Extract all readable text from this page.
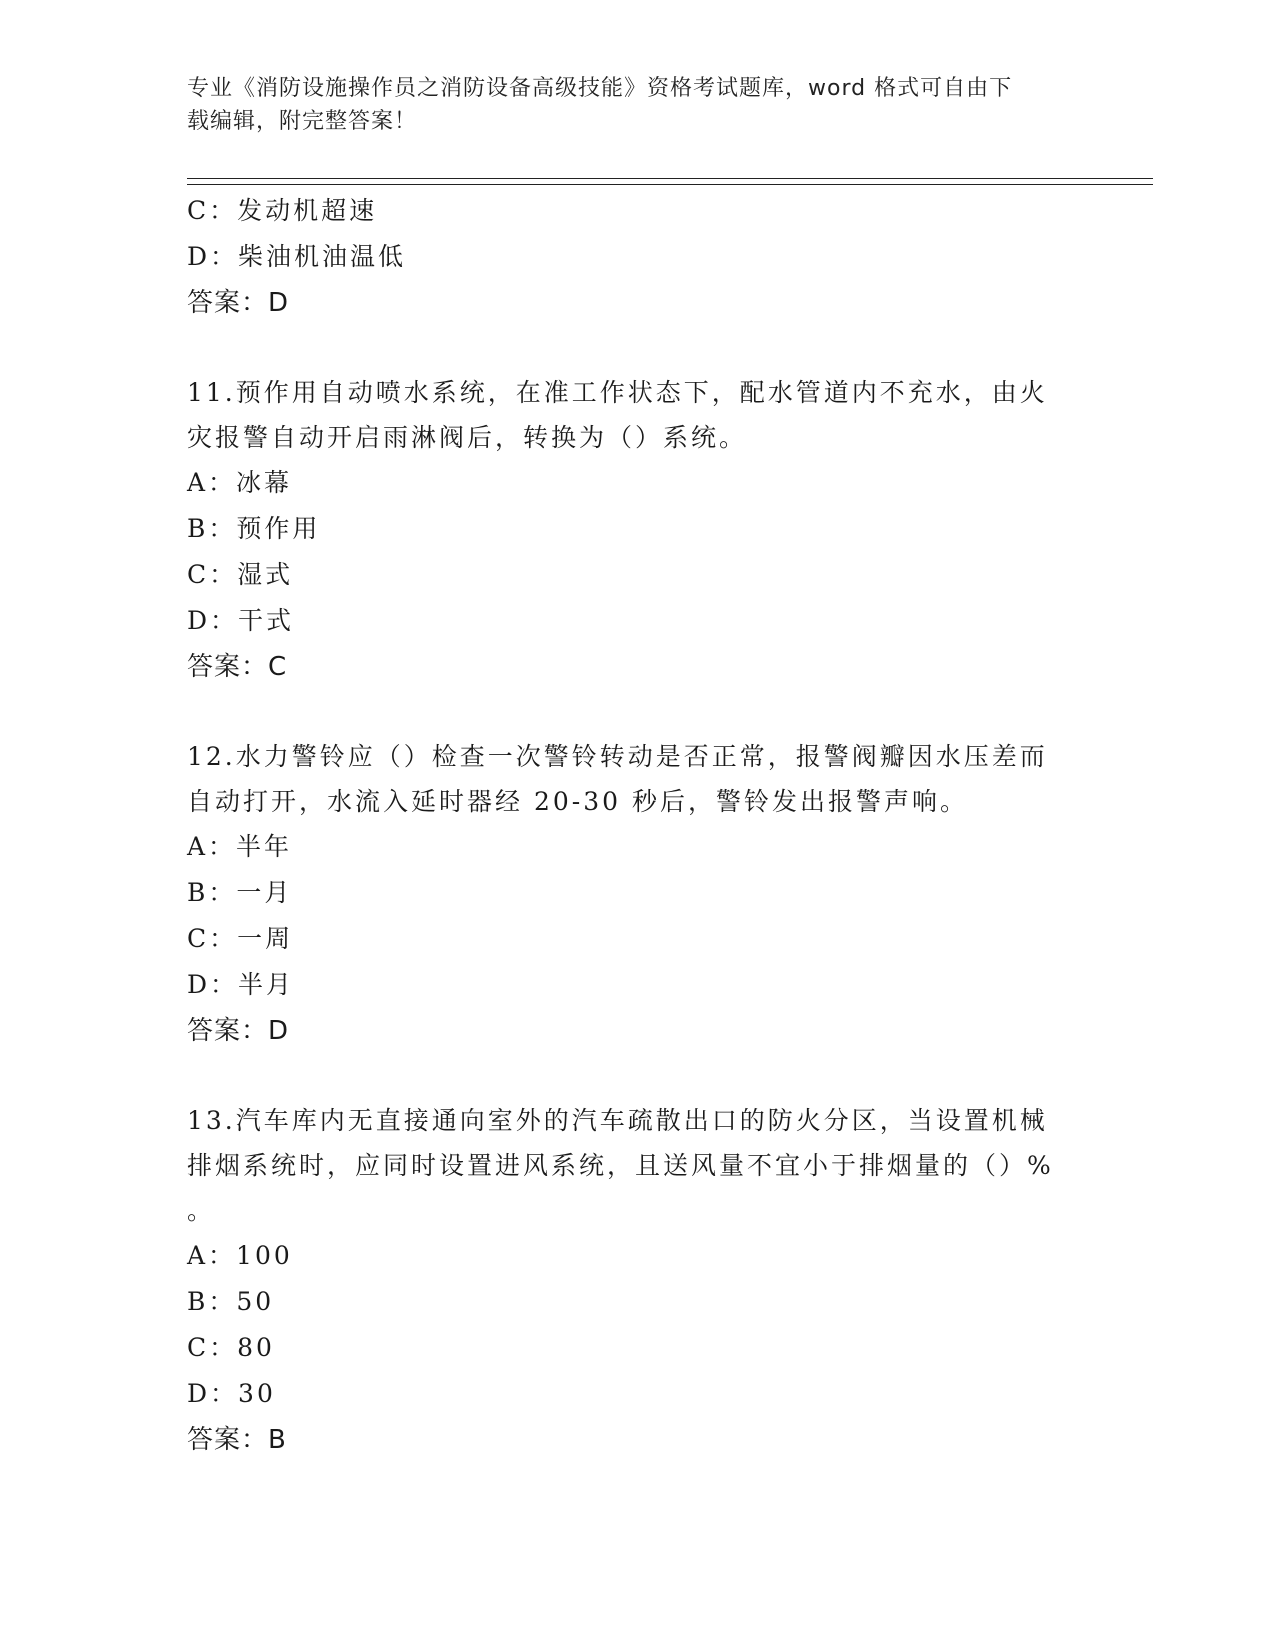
专业《消防设施操作员之消防设备高级技能》资格考试题库，word 格式可自由下
载编辑，附完整答案！
C：发动机超速
D：柴油机油温低
答案：D
11.预作用自动喷水系统，在准工作状态下，配水管道内不充水，由火
灾报警自动开启雨淋阀后，转换为（）系统。
A：冰幕
B：预作用
C：湿式
D：干式
答案：C
12.水力警铃应（）检查一次警铃转动是否正常，报警阀瓣因水压差而
自动打开，水流入延时器经 20-30 秒后，警铃发出报警声响。
A：半年
B：一月
C：一周
D：半月
答案：D
13.汽车库内无直接通向室外的汽车疏散出口的防火分区，当设置机械
排烟系统时，应同时设置进风系统，且送风量不宜小于排烟量的（）%
。
A：100
B：50
C：80
D：30
答案：B
